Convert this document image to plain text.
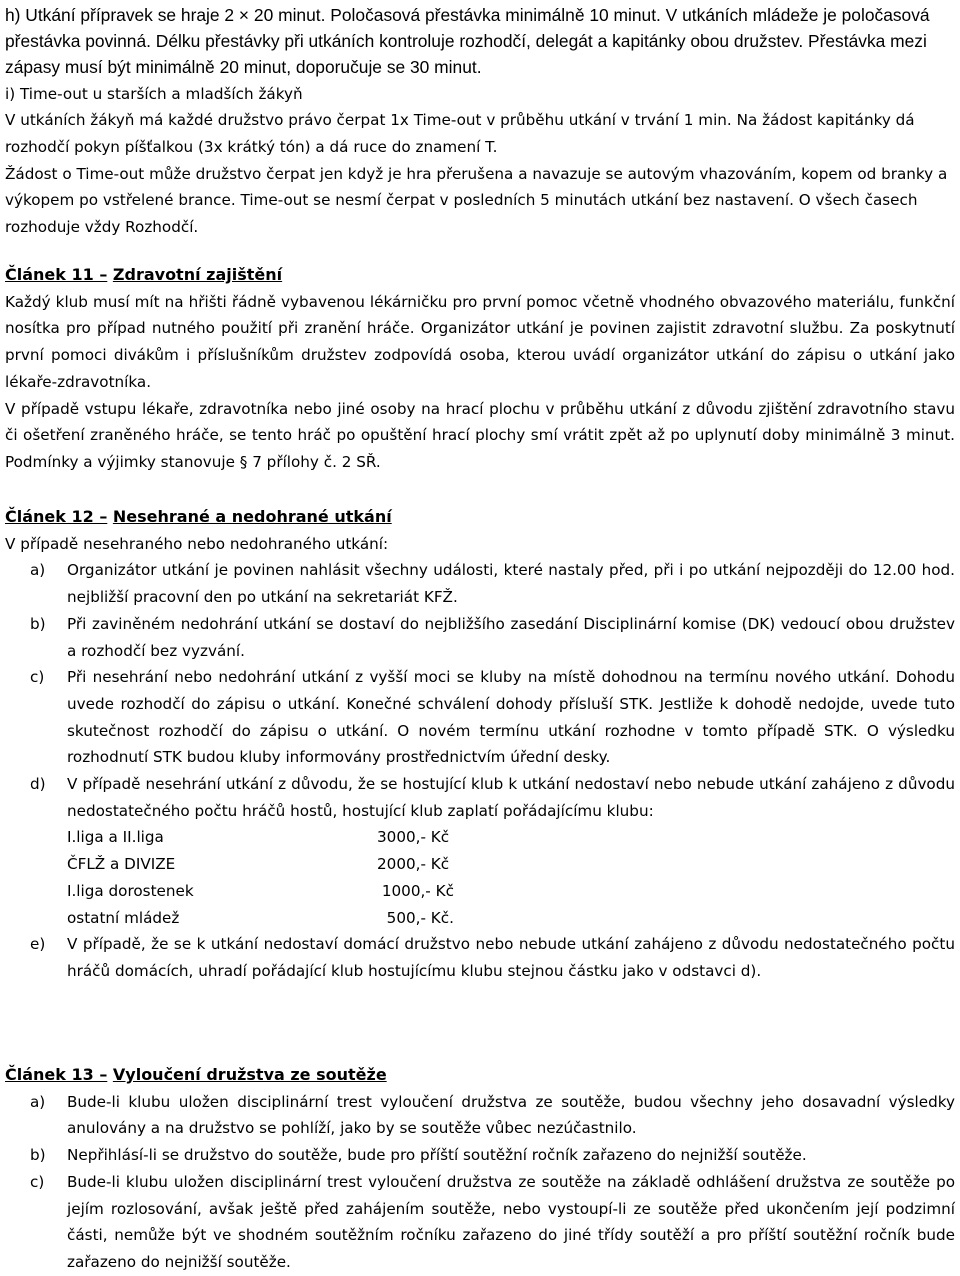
h) Utkání přípravek se hraje 2 × 20 minut. Poločasová přestávka minimálně 10 minut. V utkáních mládeže je poločasová přestávka povinná. Délku přestávky při utkáních kontroluje rozhodčí, delegát a kapitánky obou družstev. Přestávka mezi zápasy musí být minimálně 20 minut, doporučuje se 30 minut.

i) Time-out u starších a mladších žákyň

V utkáních žákyň má každé družstvo právo čerpat 1x Time-out v průběhu utkání v trvání 1 min. Na žádost kapitánky dá rozhodčí pokyn píšťalkou (3x krátký tón) a dá ruce do znamení T.

Žádost o Time-out může družstvo čerpat jen když je hra přerušena a navazuje se autovým vhazováním, kopem od branky a výkopem po vstřelené brance. Time-out se nesmí čerpat v posledních 5 minutách utkání bez nastavení. O všech časech rozhoduje vždy Rozhodčí.

Článek 11 – Zdravotní zajištění

Každý klub musí mít na hřišti řádně vybavenou lékárničku pro první pomoc včetně vhodného obvazového materiálu, funkční nosítka pro případ nutného použití při zranění hráče. Organizátor utkání je povinen zajistit zdravotní službu. Za poskytnutí první pomoci divákům i příslušníkům družstev zodpovídá osoba, kterou uvádí organizátor utkání do zápisu o utkání jako lékaře-zdravotníka.

V případě vstupu lékaře, zdravotníka nebo jiné osoby na hrací plochu v průběhu utkání z důvodu zjištění zdravotního stavu či ošetření zraněného hráče, se tento hráč po opuštění hrací plochy smí vrátit zpět až po uplynutí doby minimálně 3 minut. Podmínky a výjimky stanovuje § 7 přílohy č. 2 SŘ.

Článek 12 – Nesehrané a nedohrané utkání

V případě nesehraného nebo nedohraného utkání:

a) Organizátor utkání je povinen nahlásit všechny události, které nastaly před, při i po utkání nejpozději do 12.00 hod. nejbližší pracovní den po utkání na sekretariát KFŽ.
b) Při zaviněném nedohrání utkání se dostaví do nejbližšího zasedání Disciplinární komise (DK) vedoucí obou družstev a rozhodčí bez vyzvání.
c) Při nesehrání nebo nedohrání utkání z vyšší moci se kluby na místě dohodnou na termínu nového utkání. Dohodu uvede rozhodčí do zápisu o utkání. Konečné schválení dohody přísluší STK. Jestliže k dohodě nedojde, uvede tuto skutečnost rozhodčí do zápisu o utkání. O novém termínu utkání rozhodne v tomto případě STK. O výsledku rozhodnutí STK budou kluby informovány prostřednictvím úřední desky.
d) V případě nesehrání utkání z důvodu, že se hostující klub k utkání nedostaví nebo nebude utkání zahájeno z důvodu nedostatečného počtu hráčů hostů, hostující klub zaplatí pořádajícímu klubu:
I.liga a II.liga	3000,- Kč
ČFLŽ a DIVIZE	2000,- Kč
I.liga dorostenek	1000,- Kč
ostatní mládež	500,- Kč.
e) V případě, že se k utkání nedostaví domácí družstvo nebo nebude utkání zahájeno z důvodu nedostatečného počtu hráčů domácích, uhradí pořádající klub hostujícímu klubu stejnou částku jako v odstavci d).

Článek 13 – Vyloučení družstva ze soutěže

a) Bude-li klubu uložen disciplinární trest vyloučení družstva ze soutěže, budou všechny jeho dosavadní výsledky anulovány a na družstvo se pohlíží, jako by se soutěže vůbec nezúčastnilo.
b) Nepřihlásí-li se družstvo do soutěže, bude pro příští soutěžní ročník zařazeno do nejnižší soutěže.
c) Bude-li klubu uložen disciplinární trest vyloučení družstva ze soutěže na základě odhlášení družstva ze soutěže po jejím rozlosování, avšak ještě před zahájením soutěže, nebo vystoupí-li ze soutěže před ukončením její podzimní části, nemůže být ve shodném soutěžním ročníku zařazeno do jiné třídy soutěží a pro příští soutěžní ročník bude zařazeno do nejnižší soutěže.
